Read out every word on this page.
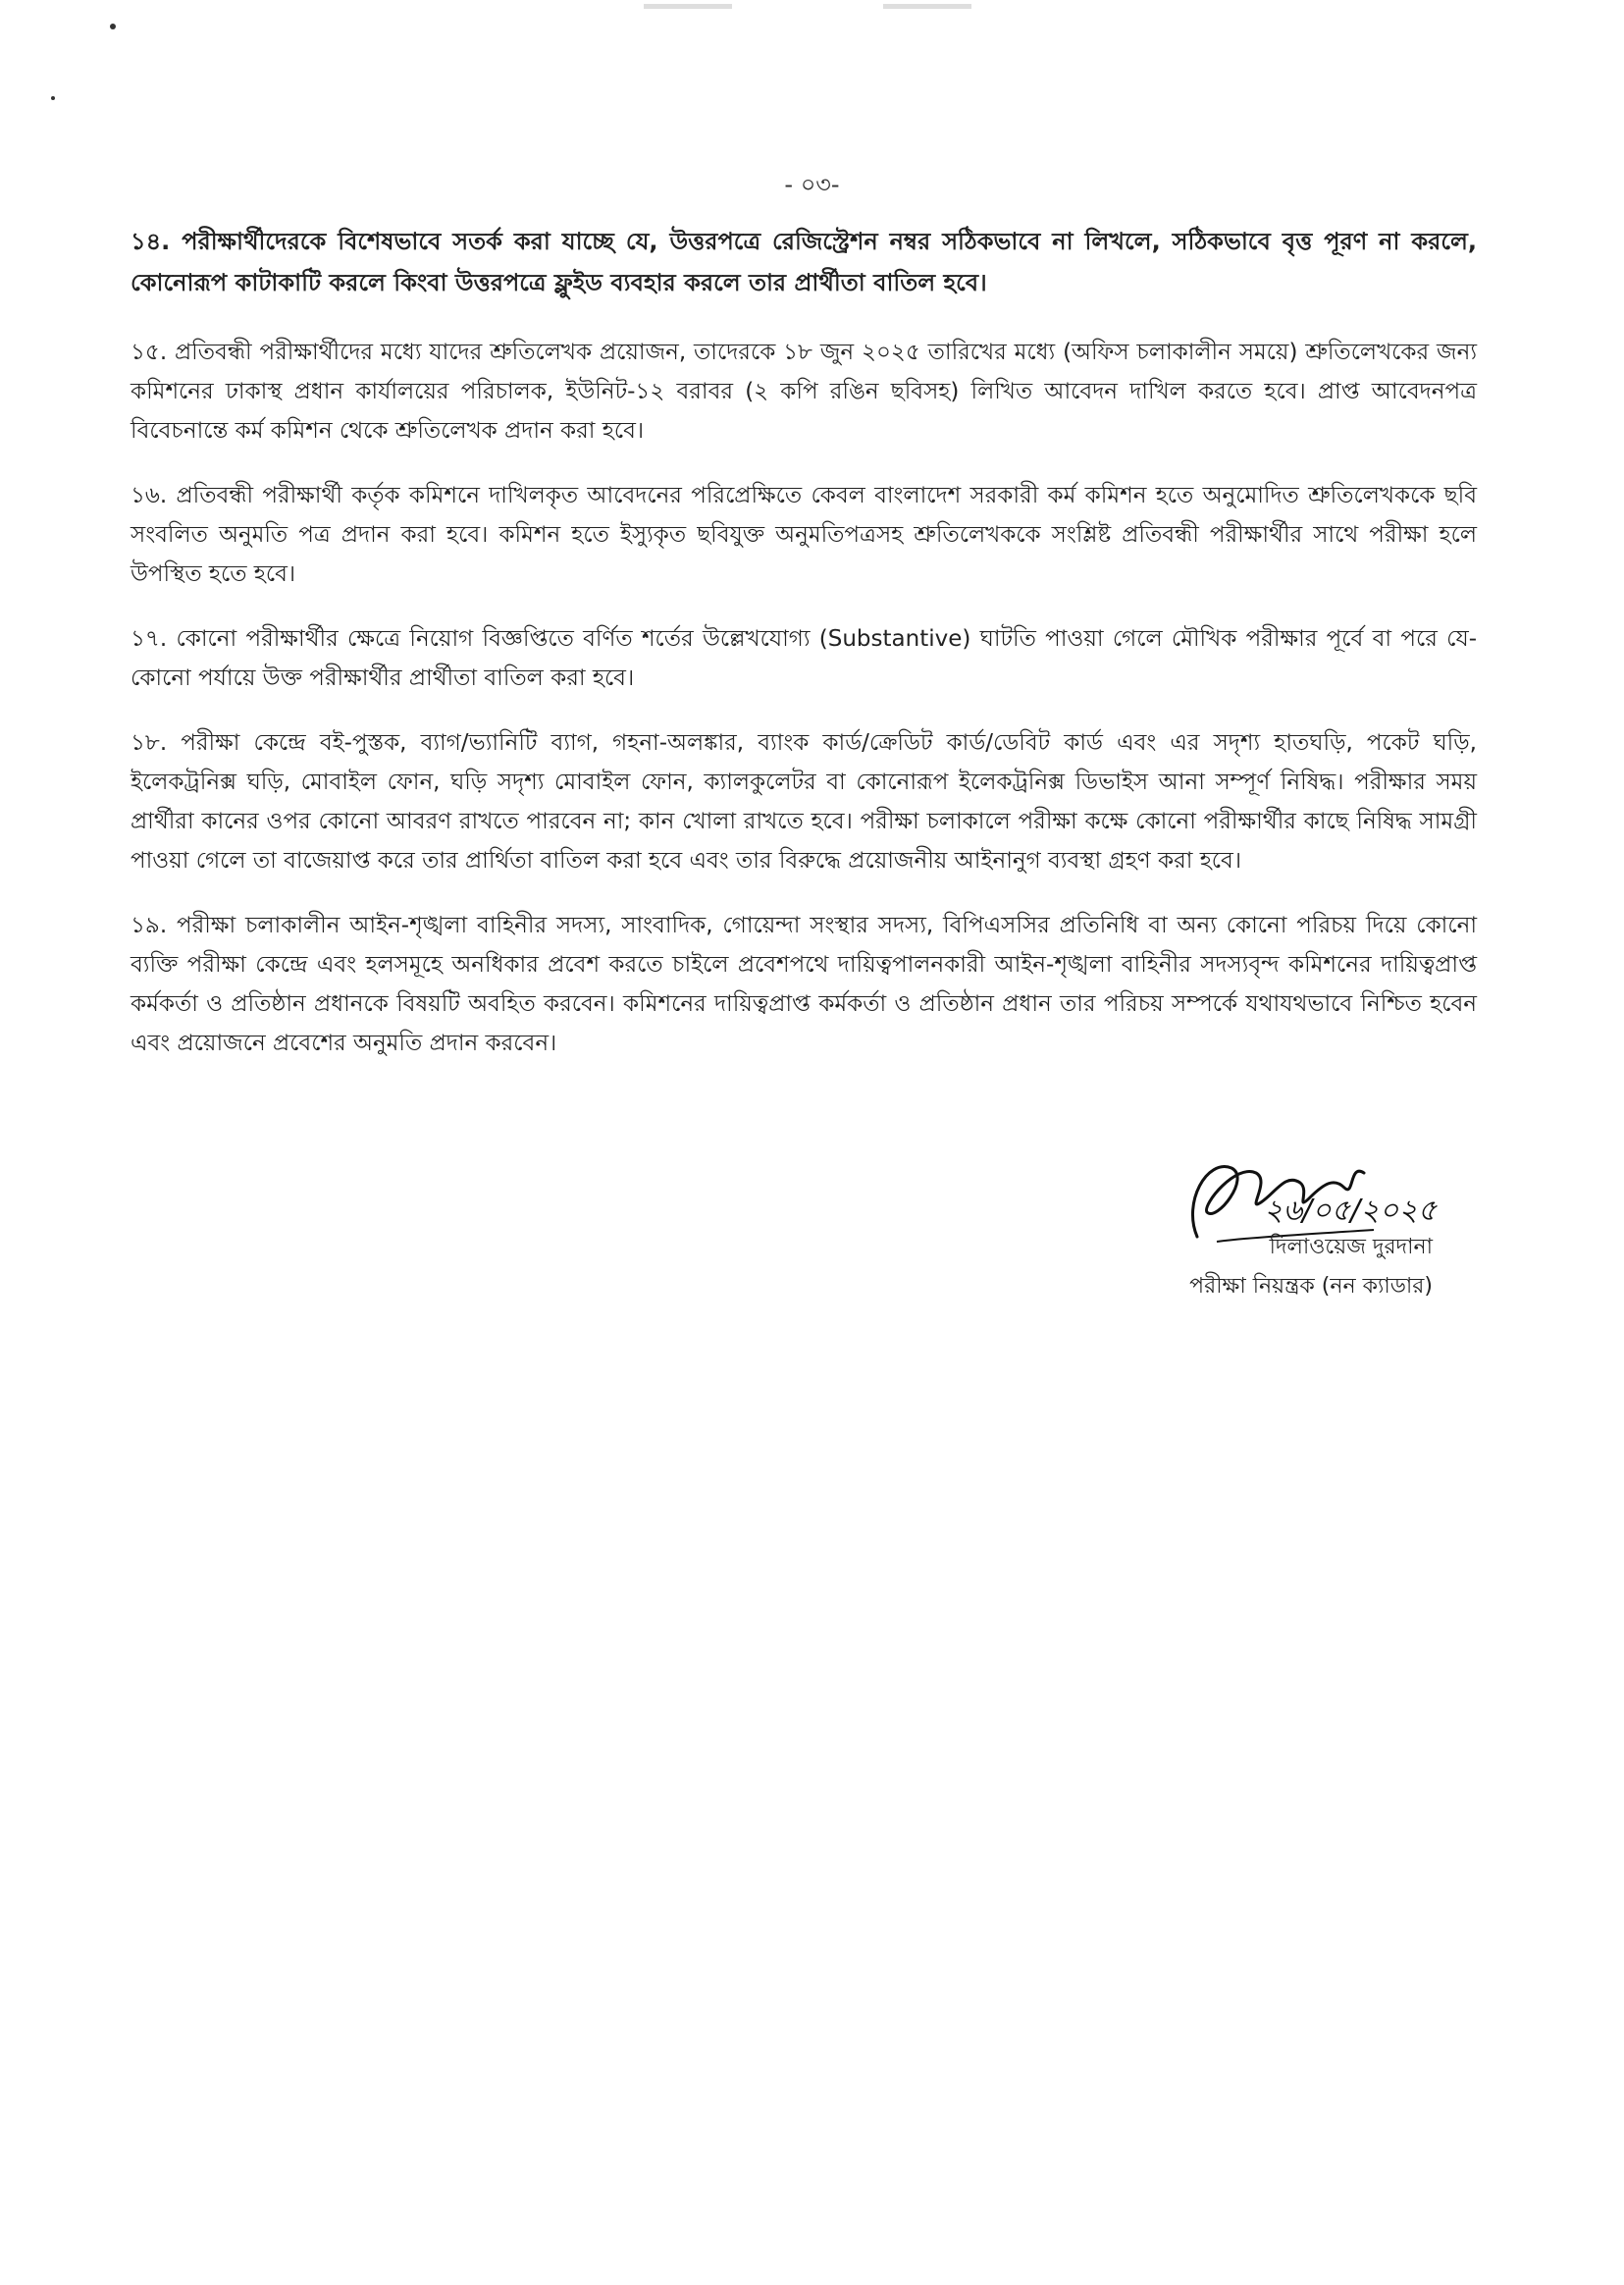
- ০৩-

১৪. পরীক্ষার্থীদেরকে বিশেষভাবে সতর্ক করা যাচ্ছে যে, উত্তরপত্রে রেজিস্ট্রেশন নম্বর সঠিকভাবে না লিখলে, সঠিকভাবে বৃত্ত পূরণ না করলে, কোনোরূপ কাটাকাটি করলে কিংবা উত্তরপত্রে ফ্লুইড ব্যবহার করলে তার প্রার্থীতা বাতিল হবে।

১৫. প্রতিবন্ধী পরীক্ষার্থীদের মধ্যে যাদের শ্রুতিলেখক প্রয়োজন, তাদেরকে ১৮ জুন ২০২৫ তারিখের মধ্যে (অফিস চলাকালীন সময়ে) শ্রুতিলেখকের জন্য কমিশনের ঢাকাস্থ প্রধান কার্যালয়ের পরিচালক, ইউনিট-১২ বরাবর (২ কপি রঙিন ছবিসহ) লিখিত আবেদন দাখিল করতে হবে। প্রাপ্ত আবেদনপত্র বিবেচনান্তে কর্ম কমিশন থেকে শ্রুতিলেখক প্রদান করা হবে।

১৬. প্রতিবন্ধী পরীক্ষার্থী কর্তৃক কমিশনে দাখিলকৃত আবেদনের পরিপ্রেক্ষিতে কেবল বাংলাদেশ সরকারী কর্ম কমিশন হতে অনুমোদিত শ্রুতিলেখককে ছবি সংবলিত অনুমতি পত্র প্রদান করা হবে। কমিশন হতে ইস্যুকৃত ছবিযুক্ত অনুমতিপত্রসহ শ্রুতিলেখককে সংশ্লিষ্ট প্রতিবন্ধী পরীক্ষার্থীর সাথে পরীক্ষা হলে উপস্থিত হতে হবে।

১৭. কোনো পরীক্ষার্থীর ক্ষেত্রে নিয়োগ বিজ্ঞপ্তিতে বর্ণিত শর্তের উল্লেখযোগ্য (Substantive) ঘাটতি পাওয়া গেলে মৌখিক পরীক্ষার পূর্বে বা পরে যে-কোনো পর্যায়ে উক্ত পরীক্ষার্থীর প্রার্থীতা বাতিল করা হবে।

১৮. পরীক্ষা কেন্দ্রে বই-পুস্তক, ব্যাগ/ভ্যানিটি ব্যাগ, গহনা-অলঙ্কার, ব্যাংক কার্ড/ক্রেডিট কার্ড/ডেবিট কার্ড এবং এর সদৃশ্য হাতঘড়ি, পকেট ঘড়ি, ইলেকট্রনিক্স ঘড়ি, মোবাইল ফোন, ঘড়ি সদৃশ্য মোবাইল ফোন, ক্যালকুলেটর বা কোনোরূপ ইলেকট্রনিক্স ডিভাইস আনা সম্পূর্ণ নিষিদ্ধ। পরীক্ষার সময় প্রার্থীরা কানের ওপর কোনো আবরণ রাখতে পারবেন না; কান খোলা রাখতে হবে। পরীক্ষা চলাকালে পরীক্ষা কক্ষে কোনো পরীক্ষার্থীর কাছে নিষিদ্ধ সামগ্রী পাওয়া গেলে তা বাজেয়াপ্ত করে তার প্রার্থিতা বাতিল করা হবে এবং তার বিরুদ্ধে প্রয়োজনীয় আইনানুগ ব্যবস্থা গ্রহণ করা হবে।

১৯. পরীক্ষা চলাকালীন আইন-শৃঙ্খলা বাহিনীর সদস্য, সাংবাদিক, গোয়েন্দা সংস্থার সদস্য, বিপিএসসির প্রতিনিধি বা অন্য কোনো পরিচয় দিয়ে কোনো ব্যক্তি পরীক্ষা কেন্দ্রে এবং হলসমূহে অনধিকার প্রবেশ করতে চাইলে প্রবেশপথে দায়িত্বপালনকারী আইন-শৃঙ্খলা বাহিনীর সদস্যবৃন্দ কমিশনের দায়িত্বপ্রাপ্ত কর্মকর্তা ও প্রতিষ্ঠান প্রধানকে বিষয়টি অবহিত করবেন। কমিশনের দায়িত্বপ্রাপ্ত কর্মকর্তা ও প্রতিষ্ঠান প্রধান তার পরিচয় সম্পর্কে যথাযথভাবে নিশ্চিত হবেন এবং প্রয়োজনে প্রবেশের অনুমতি প্রদান করবেন।

২৬/০৫/২০২৫
দিলাওয়েজ দুরদানা
পরীক্ষা নিয়ন্ত্রক (নন ক্যাডার)
